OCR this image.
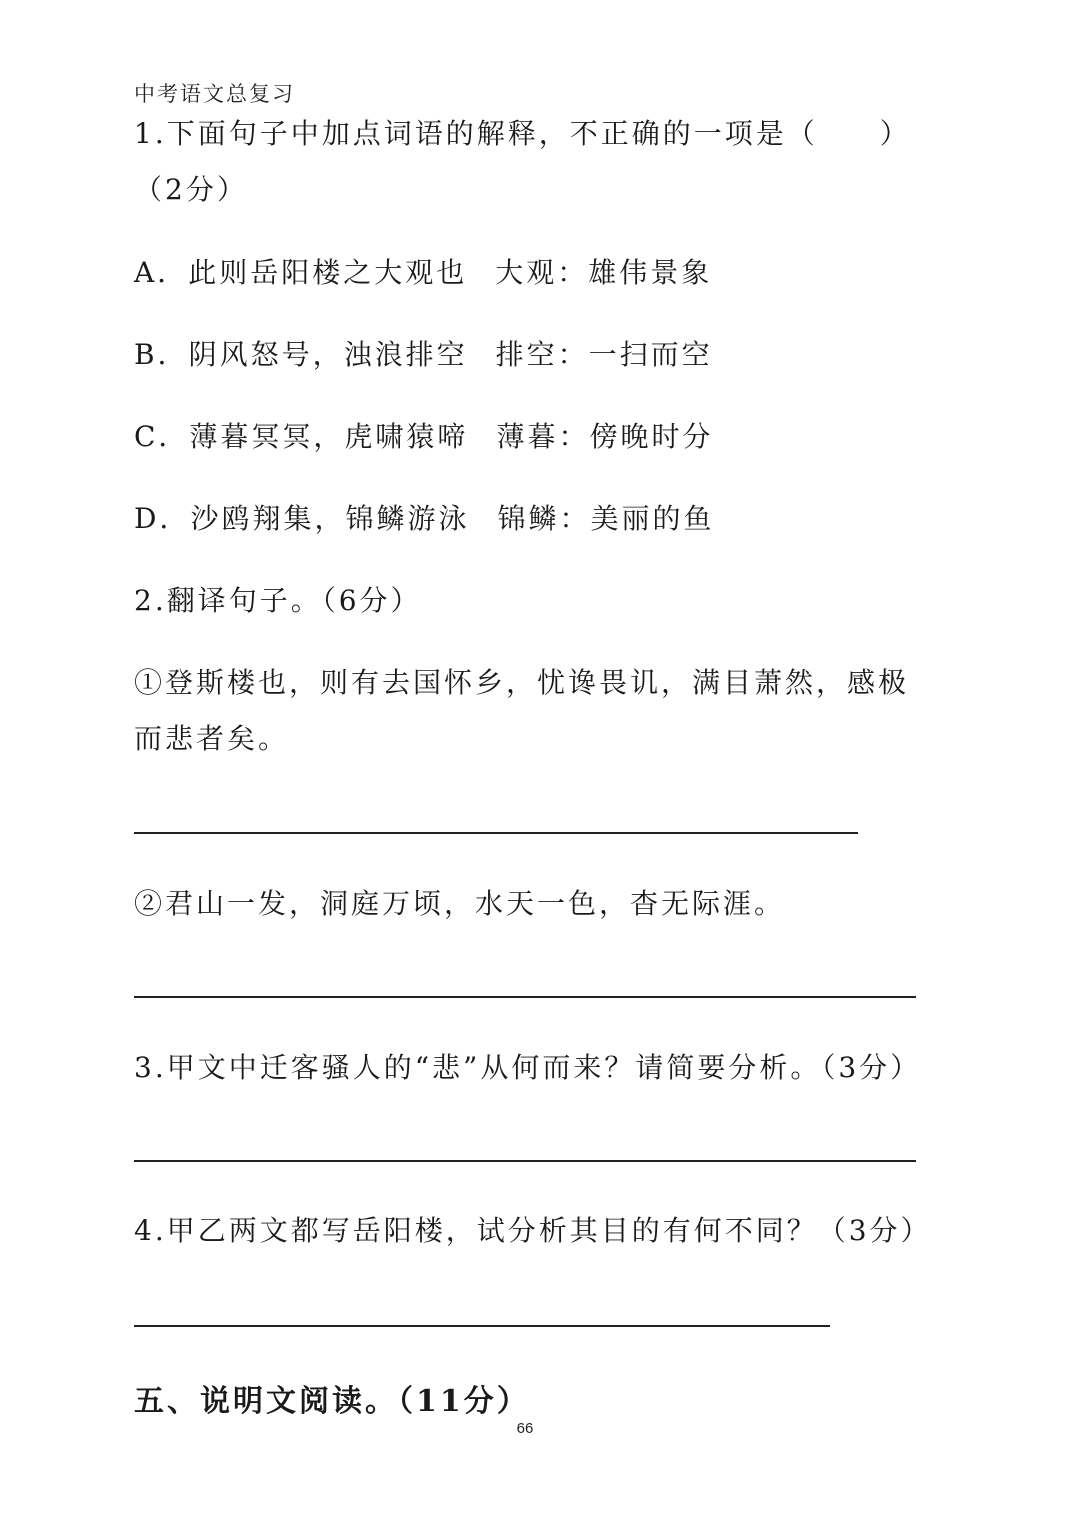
中考语文总复习
1.下面句子中加点词语的解释，不正确的一项是（　　）（2分）
A．此则岳阳楼之大观也 大观：雄伟景象
B．阴风怒号，浊浪排空 排空：一扫而空
C．薄暮冥冥，虎啸猿啼 薄暮：傍晚时分
D．沙鸥翔集，锦鳞游泳 锦鳞：美丽的鱼
2.翻译句子。（6分）
①登斯楼也，则有去国怀乡，忧谗畏讥，满目萧然，感极而悲者矣。
②君山一发，洞庭万顷，水天一色，杳无际涯。
3.甲文中迁客骚人的“悲”从何而来？请简要分析。（3分）
4.甲乙两文都写岳阳楼，试分析其目的有何不同？（3分）
五、说明文阅读。（11分）
66
